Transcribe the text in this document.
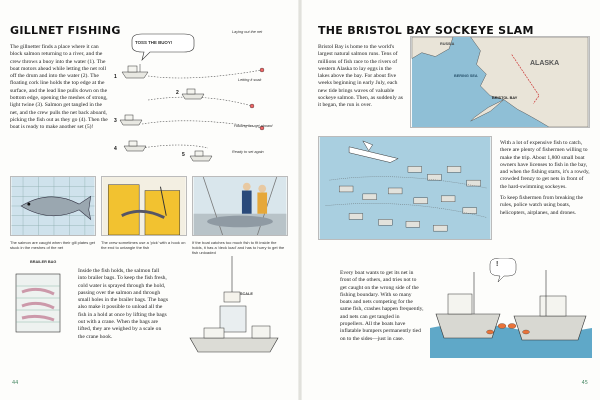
GILLNET FISHING

The gillnetter finds a place where it can block salmon returning to a river, and the crew throws a buoy into the water (1). The boat motors ahead while letting the net roll off the drum and into the water (2). The floating cork line holds the top edge at the surface, and the lead line pulls down on the bottom edge, opening the meshes of strong, light twine (3). Salmon get tangled in the net, and the crew pulls the net back aboard, picking the fish out as they go (4). Then the boat is ready to make another set (5)!

TOSS THE BUOY!
Laying out the net
Letting it soak
Hauling the net aboard
Ready to set again
1
2
3
4
5
The salmon are caught when their gill plates get stuck in the meshes of the net
The crew sometimes use a 'pick' with a hook on the end to untangle the fish
If the boat catches too much fish to fit inside the holds, it has a 'deck load' and has to hurry to get the fish unloaded
BRAILER BAG

Inside the fish holds, the salmon fall into brailer bags. To keep the fish fresh, cold water is sprayed through the hold, passing over the salmon and through small holes in the brailer bags. The bags also make it possible to unload all the fish in a hold at once by lifting the bags out with a crane. When the bags are lifted, they are weighed by a scale on the crane hook.

SCALE
44
THE BRISTOL BAY SOCKEYE SLAM

Bristol Bay is home to the world's largest natural salmon runs. Tens of millions of fish race to the rivers of western Alaska to lay eggs in the lakes above the bay. For about five weeks beginning in early July, each new tide brings waves of valuable sockeye salmon. Then, as suddenly as it began, the run is over.

RUSSIA
BERING SEA
ALASKA
BRISTOL BAY

With a lot of expensive fish to catch, there are plenty of fishermen willing to make the trip. About 1,800 small boat owners have licenses to fish in the bay, and when the fishing starts, it's a rowdy, crowded frenzy to get nets in front of the hard-swimming sockeyes.

To keep fishermen from breaking the rules, police watch using boats, helicopters, airplanes, and drones.

Every boat wants to get its net in front of the others, and tries not to get caught on the wrong side of the fishing boundary. With so many boats and nets competing for the same fish, crashes happen frequently, and nets can get tangled in propellers. All the boats have inflatable bumpers permanently tied on to the sides—just in case.

!
45
